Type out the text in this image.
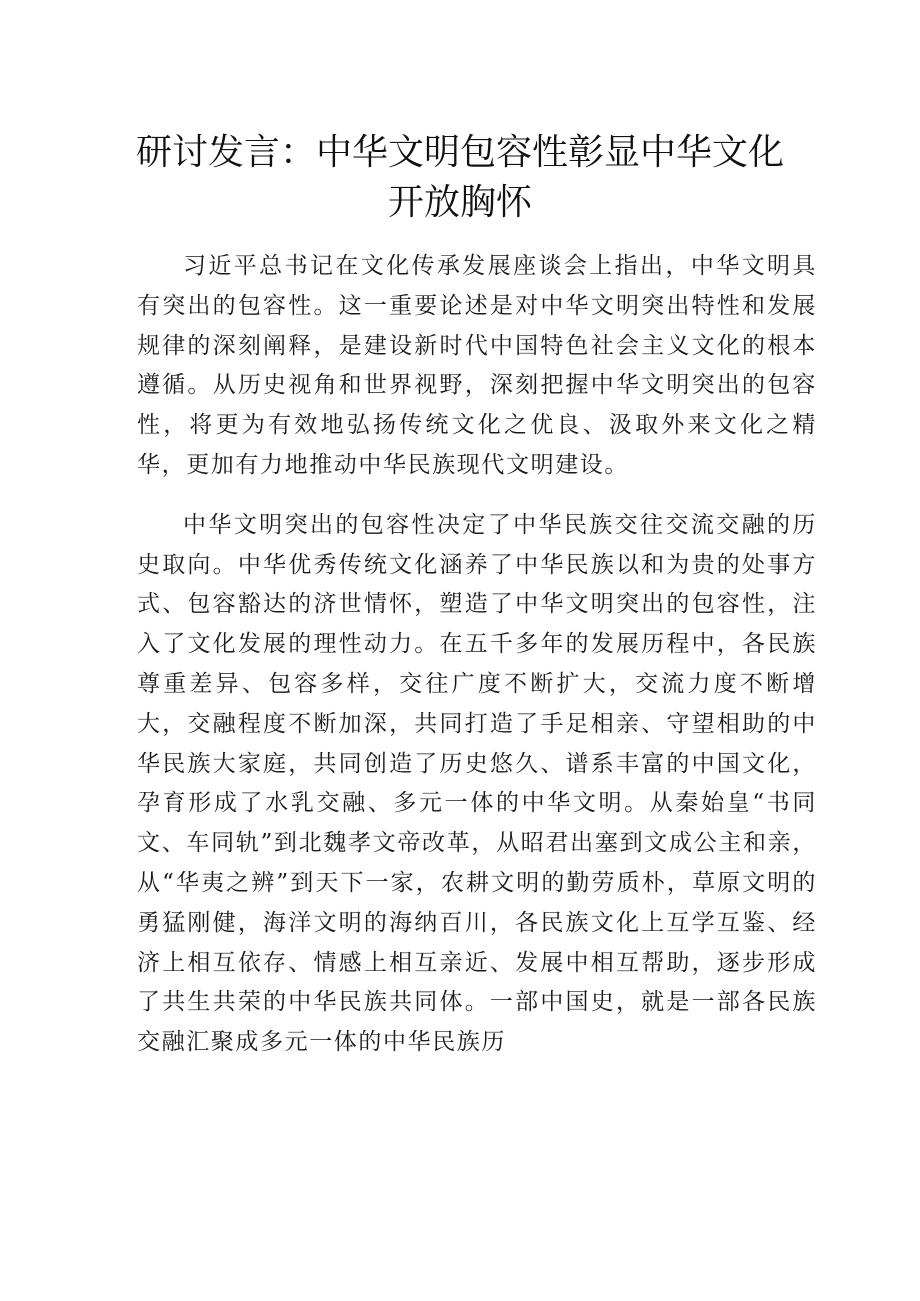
研讨发言：中华文明包容性彰显中华文化开放胸怀

习近平总书记在文化传承发展座谈会上指出，中华文明具有突出的包容性。这一重要论述是对中华文明突出特性和发展规律的深刻阐释，是建设新时代中国特色社会主义文化的根本遵循。从历史视角和世界视野，深刻把握中华文明突出的包容性，将更为有效地弘扬传统文化之优良、汲取外来文化之精华，更加有力地推动中华民族现代文明建设。

中华文明突出的包容性决定了中华民族交往交流交融的历史取向。中华优秀传统文化涵养了中华民族以和为贵的处事方式、包容豁达的济世情怀，塑造了中华文明突出的包容性，注入了文化发展的理性动力。在五千多年的发展历程中，各民族尊重差异、包容多样，交往广度不断扩大，交流力度不断增大，交融程度不断加深，共同打造了手足相亲、守望相助的中华民族大家庭，共同创造了历史悠久、谱系丰富的中国文化，孕育形成了水乳交融、多元一体的中华文明。从秦始皇“书同文、车同轨”到北魏孝文帝改革，从昭君出塞到文成公主和亲，从“华夷之辨”到天下一家，农耕文明的勤劳质朴，草原文明的勇猛刚健，海洋文明的海纳百川，各民族文化上互学互鉴、经济上相互依存、情感上相互亲近、发展中相互帮助，逐步形成了共生共荣的中华民族共同体。一部中国史，就是一部各民族交融汇聚成多元一体的中华民族历
